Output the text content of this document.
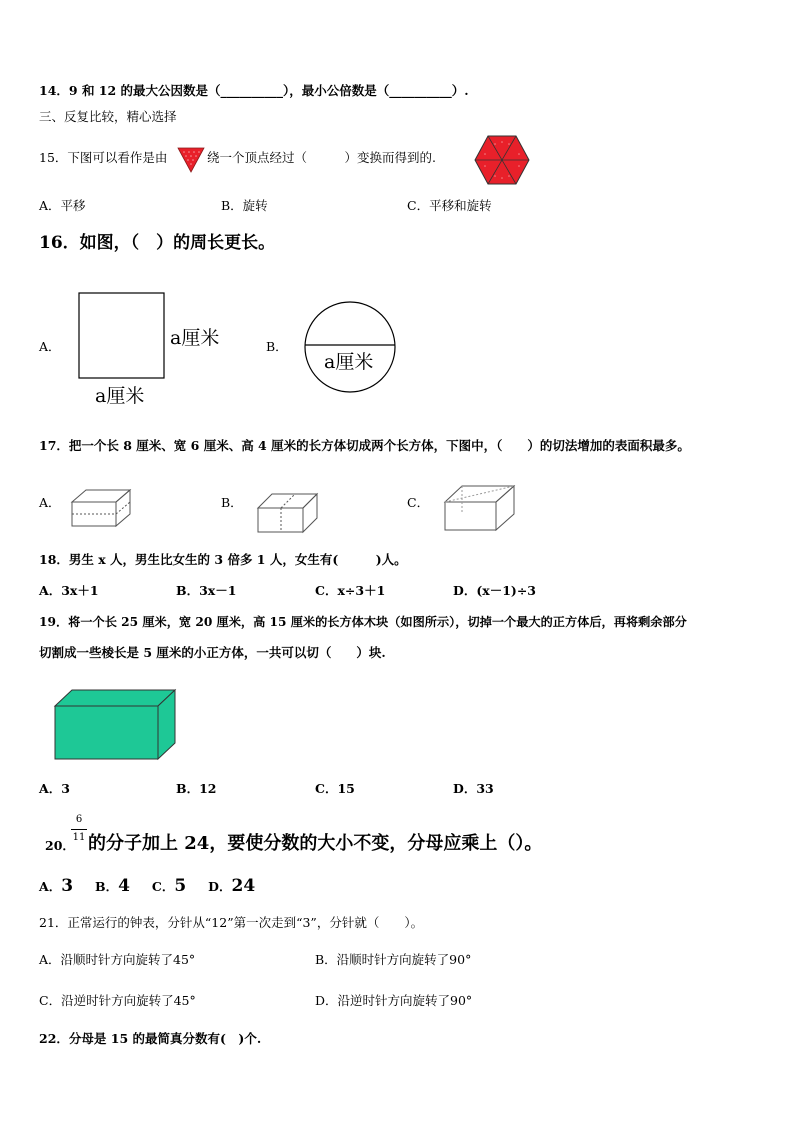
14．9 和 12 的最大公因数是（__________），最小公倍数是（__________）.
三、反复比较，精心选择
15．下图可以看作是由	绕一个顶点经过（　　　）变换而得到的.
A．平移	B．旋转	C．平移和旋转
16．如图，（　）的周长更长。
A．	a厘米
a厘米
B．
a厘米
17．把一个长 8 厘米、宽 6 厘米、高 4 厘米的长方体切成两个长方体，下图中，（　　）的切法增加的表面积最多。
A．	B．	C．
18．男生 x 人，男生比女生的 3 倍多 1 人，女生有(　　　)人。
A．3x＋1	B．3x－1	C．x÷3＋1	D．(x－1)÷3
19．将一个长 25 厘米，宽 20 厘米，高 15 厘米的长方体木块（如图所示），切掉一个最大的正方体后，再将剩余部分
切割成一些棱长是 5 厘米的小正方体，一共可以切（　　）块.
A．3	B．12	C．15	D．33
20．
6
11 的分子加上 24，要使分数的大小不变，分母应乘上（）。
A．3 B．4 C．5 D．24
21．正常运行的钟表，分针从“12”第一次走到“3”，分针就（　　）。
A．沿顺时针方向旋转了45°	B．沿顺时针方向旋转了90°
C．沿逆时针方向旋转了45°	D．沿逆时针方向旋转了90°
22．分母是 15 的最简真分数有(　)个.
